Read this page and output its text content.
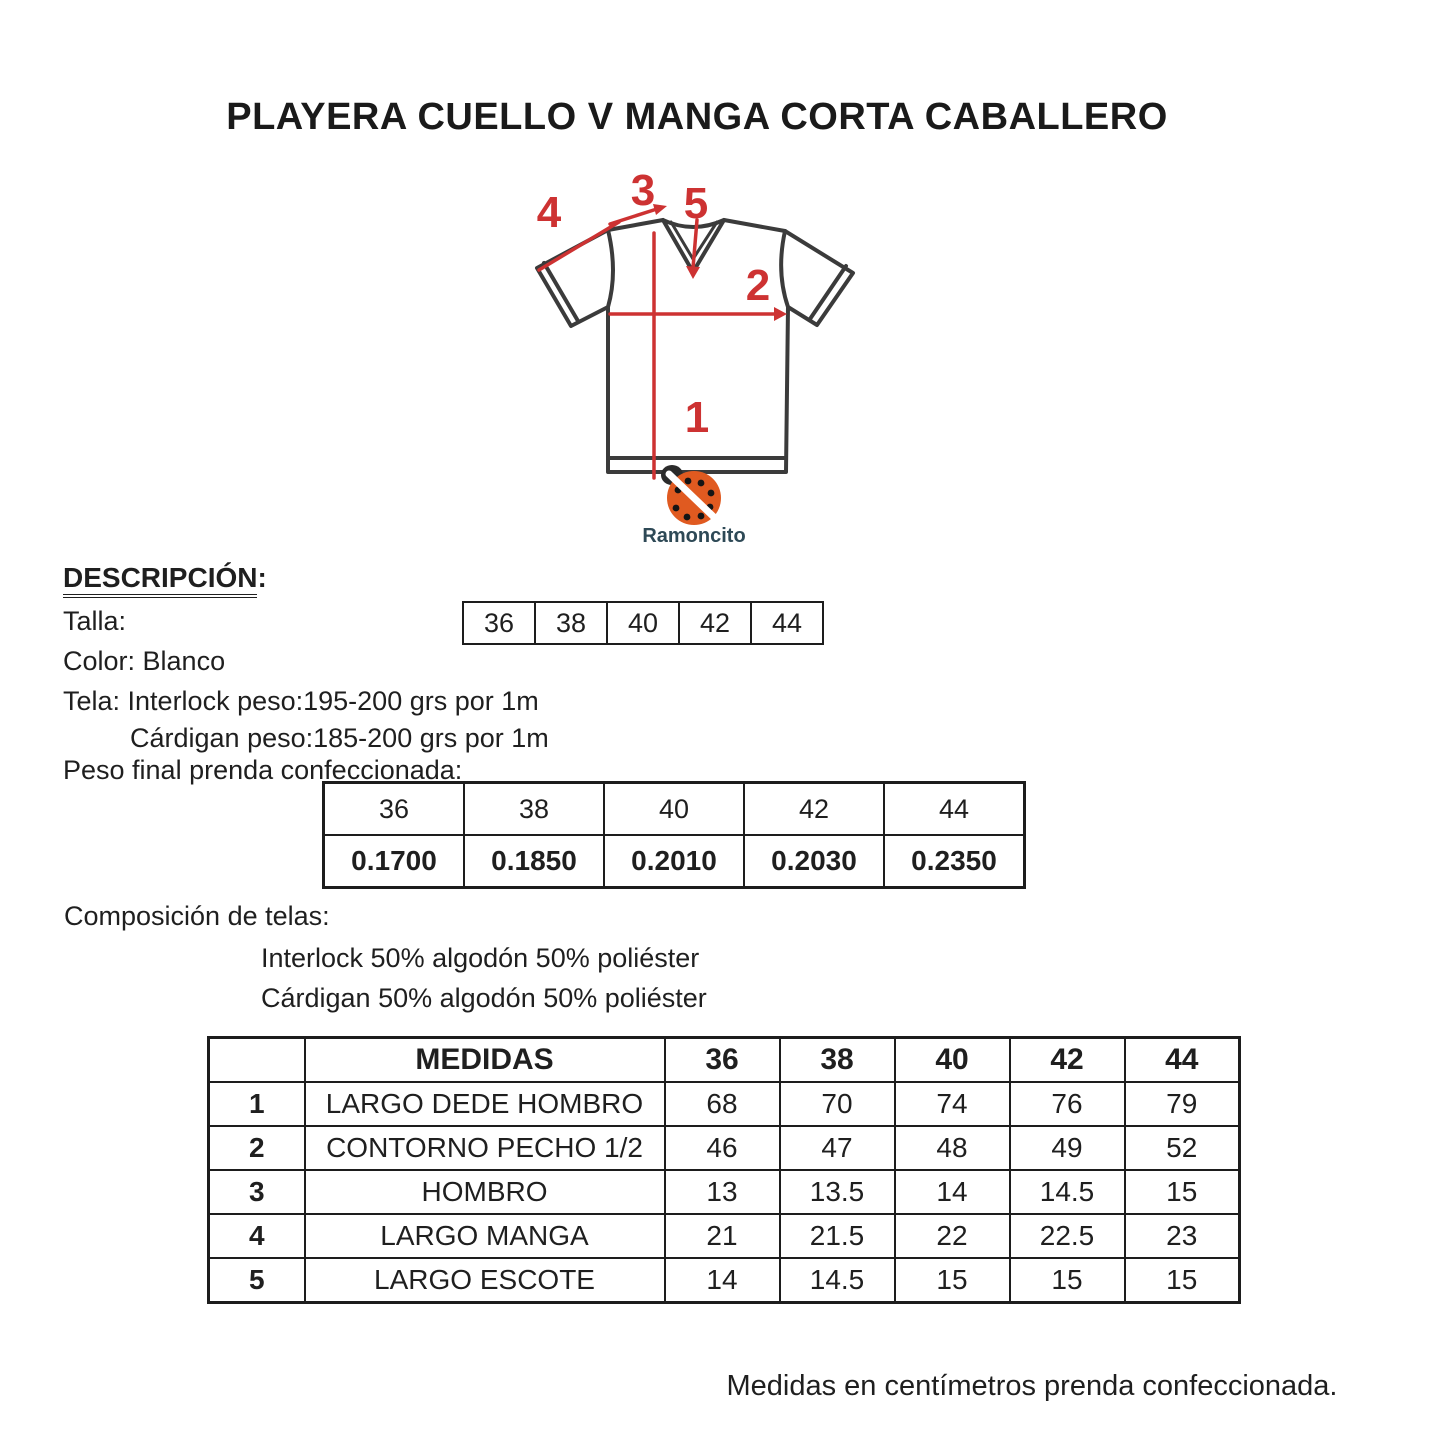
PLAYERA CUELLO V MANGA CORTA CABALLERO
1
2
3
4	5
Ramoncito
DESCRIPCIÓN:
Talla:
Color: Blanco
Tela: Interlock peso:195-200 grs por 1m
Cárdigan peso:185-200 grs por 1m
Peso final prenda confeccionada:
36	38	40	42	44
36	38	40	42	44
0.1700	0.1850	0.2010	0.2030	0.2350
Composición de telas:
Interlock 50% algodón 50% poliéster
Cárdigan 50% algodón 50% poliéster
	MEDIDAS	36	38	40	42	44
1	LARGO DEDE HOMBRO	68	70	74	76	79
2	CONTORNO PECHO 1/2	46	47	48	49	52
3	HOMBRO	13	13.5	14	14.5	15
4	LARGO MANGA	21	21.5	22	22.5	23
5	LARGO ESCOTE	14	14.5	15	15	15
Medidas en centímetros prenda confeccionada.
